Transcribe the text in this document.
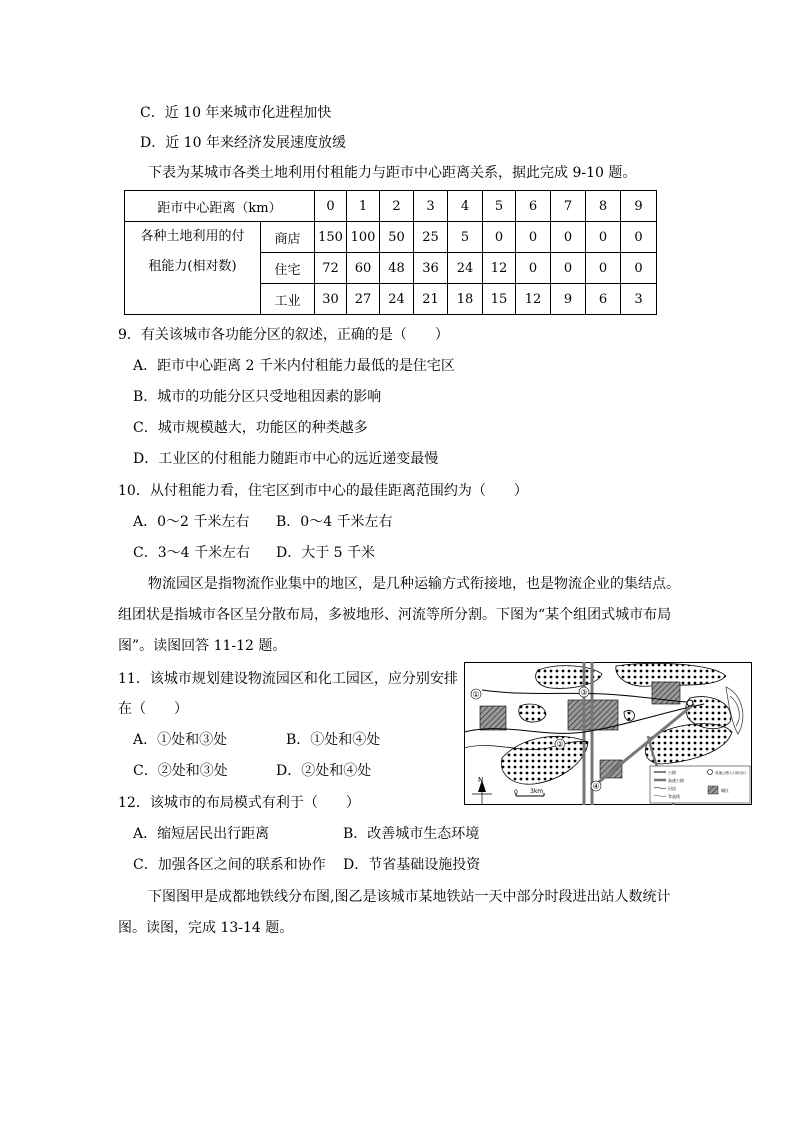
C．近 10 年来城市化进程加快
D．近 10 年来经济发展速度放缓
下表为某城市各类土地利用付租能力与距市中心距离关系，据此完成 9-10 题。
距市中心距离（km）		0	1	2	3	4	5	6	7	8	9

各种土地利用的付
租能力(相对数)	商店	150	100	50	25	5	0	0	0	0	0
	住宅	72	60	48	36	24	12	0	0	0	0
	工业	30	27	24	21	18	15	12	9	6	3
9．有关该城市各功能分区的叙述，正确的是（　　）
A．距市中心距离 2 千米内付租能力最低的是住宅区
B．城市的功能分区只受地租因素的影响
C．城市规模越大，功能区的种类越多
D．工业区的付租能力随距市中心的远近递变最慢
10．从付租能力看，住宅区到市中心的最佳距离范围约为（　　）
A．0～2 千米左右 B．0～4 千米左右
C．3～4 千米左右 D．大于 5 千米
物流园区是指物流作业集中的地区，是几种运输方式衔接地，也是物流企业的集结点。
组团状是指城市各区呈分散布局，多被地形、河流等所分割。下图为“某个组团式城市布局
图”。读图回答 11-12 题。
11．该城市规划建设物流园区和化工园区，应分别安排
在（　　）
A．①处和③处	B．①处和④处
C．②处和③处	D．②处和④处
12．该城市的布局模式有利于（　　）
A．缩短居民出行距离	B．改善城市生态环境
C．加强各区之间的联系和协作 D．节省基础设施投资
下图图甲是成都地铁线分布图,图乙是该城市某地铁站一天中部分时段进出站人数统计
图。读图，完成 13-14 题。
①
②
③
④
N
0 3km
公路
高速公路
河流
等高线
高速公路入口和出口
城区
